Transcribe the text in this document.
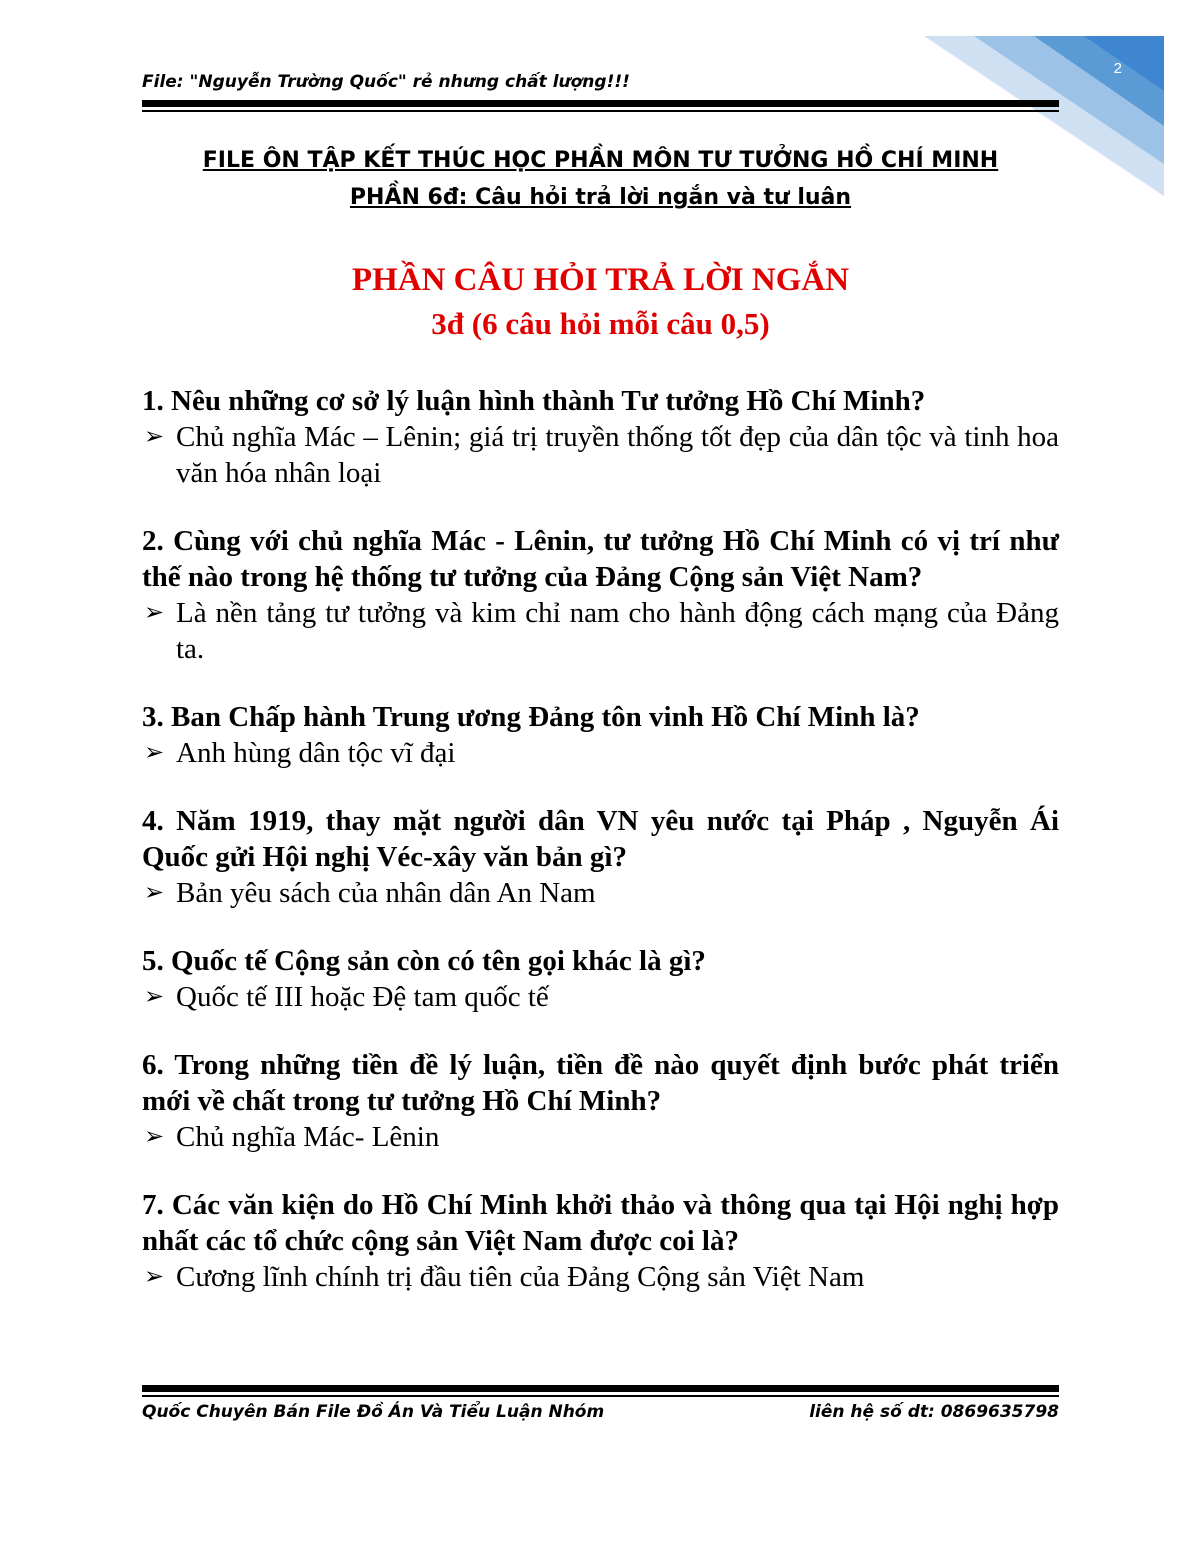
2
File: "Nguyễn Trường Quốc" rẻ nhưng chất lượng!!!
FILE ÔN TẬP KẾT THÚC HỌC PHẦN MÔN TƯ TƯỞNG HỒ CHÍ MINH
PHẦN 6đ: Câu hỏi trả lời ngắn và tư luân
PHẦN CÂU HỎI TRẢ LỜI NGẮN
3đ (6 câu hỏi mỗi câu 0,5)
1. Nêu những cơ sở lý luận hình thành Tư tưởng Hồ Chí Minh?
➢ Chủ nghĩa Mác – Lênin; giá trị truyền thống tốt đẹp của dân tộc và tinh hoa văn hóa nhân loại
2. Cùng với chủ nghĩa Mác - Lênin, tư tưởng Hồ Chí Minh có vị trí như thế nào trong hệ thống tư tưởng của Đảng Cộng sản Việt Nam?
➢ Là nền tảng tư tưởng và kim chỉ nam cho hành động cách mạng của Đảng ta.
3. Ban Chấp hành Trung ương Đảng tôn vinh Hồ Chí Minh là?
➢ Anh hùng dân tộc vĩ đại
4. Năm 1919, thay mặt người dân VN yêu nước tại Pháp , Nguyễn Ái Quốc gửi Hội nghị Véc-xây văn bản gì?
➢ Bản yêu sách của nhân dân An Nam
5. Quốc tế Cộng sản còn có tên gọi khác là gì?
➢ Quốc tế III hoặc Đệ tam quốc tế
6. Trong những tiền đề lý luận, tiền đề nào quyết định bước phát triển mới về chất trong tư tưởng Hồ Chí Minh?
➢ Chủ nghĩa Mác- Lênin
7. Các văn kiện do Hồ Chí Minh khởi thảo và thông qua tại Hội nghị hợp nhất các tổ chức cộng sản Việt Nam được coi là?
➢ Cương lĩnh chính trị đầu tiên của Đảng Cộng sản Việt Nam
Quốc Chuyên Bán File Đồ Án Và Tiểu Luận Nhóm	liên hệ số dt: 0869635798
